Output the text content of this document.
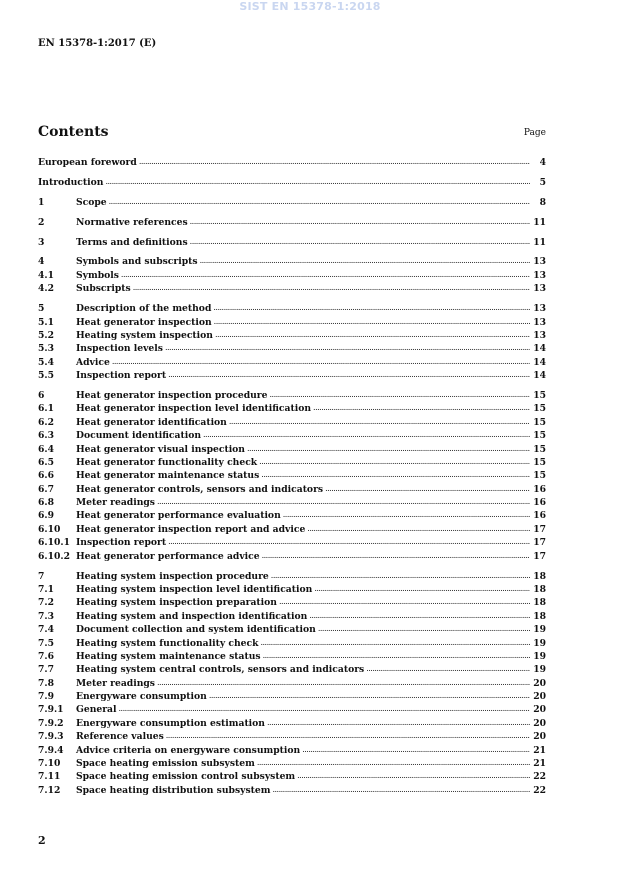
SIST EN 15378-1:2018
EN 15378-1:2017 (E)
Contents	Page
European foreword .....	4
Introduction .....	5
1	Scope .....	8
2	Normative references .....	11
3	Terms and definitions .....	11
4	Symbols and subscripts .....	13
4.1	Symbols .....	13
4.2	Subscripts .....	13
5	Description of the method .....	13
5.1	Heat generator inspection .....	13
5.2	Heating system inspection .....	13
5.3	Inspection levels .....	14
5.4	Advice .....	14
5.5	Inspection report .....	14
6	Heat generator inspection procedure .....	15
6.1	Heat generator inspection level identification .....	15
6.2	Heat generator identification .....	15
6.3	Document identification .....	15
6.4	Heat generator visual inspection .....	15
6.5	Heat generator functionality check .....	15
6.6	Heat generator maintenance status .....	15
6.7	Heat generator controls, sensors and indicators .....	16
6.8	Meter readings .....	16
6.9	Heat generator performance evaluation .....	16
6.10	Heat generator inspection report and advice .....	17
6.10.1 Inspection report .....	17
6.10.2 Heat generator performance advice .....	17
7	Heating system inspection procedure .....	18
7.1	Heating system inspection level identification .....	18
7.2	Heating system inspection preparation .....	18
7.3	Heating system and inspection identification .....	18
7.4	Document collection and system identification .....	19
7.5	Heating system functionality check .....	19
7.6	Heating system maintenance status .....	19
7.7	Heating system central controls, sensors and indicators .....	19
7.8	Meter readings .....	20
7.9	Energyware consumption .....	20
7.9.1	General .....	20
7.9.2	Energyware consumption estimation .....	20
7.9.3	Reference values .....	20
7.9.4	Advice criteria on energyware consumption .....	21
7.10	Space heating emission subsystem .....	21
7.11	Space heating emission control subsystem .....	22
7.12	Space heating distribution subsystem .....	22
2
